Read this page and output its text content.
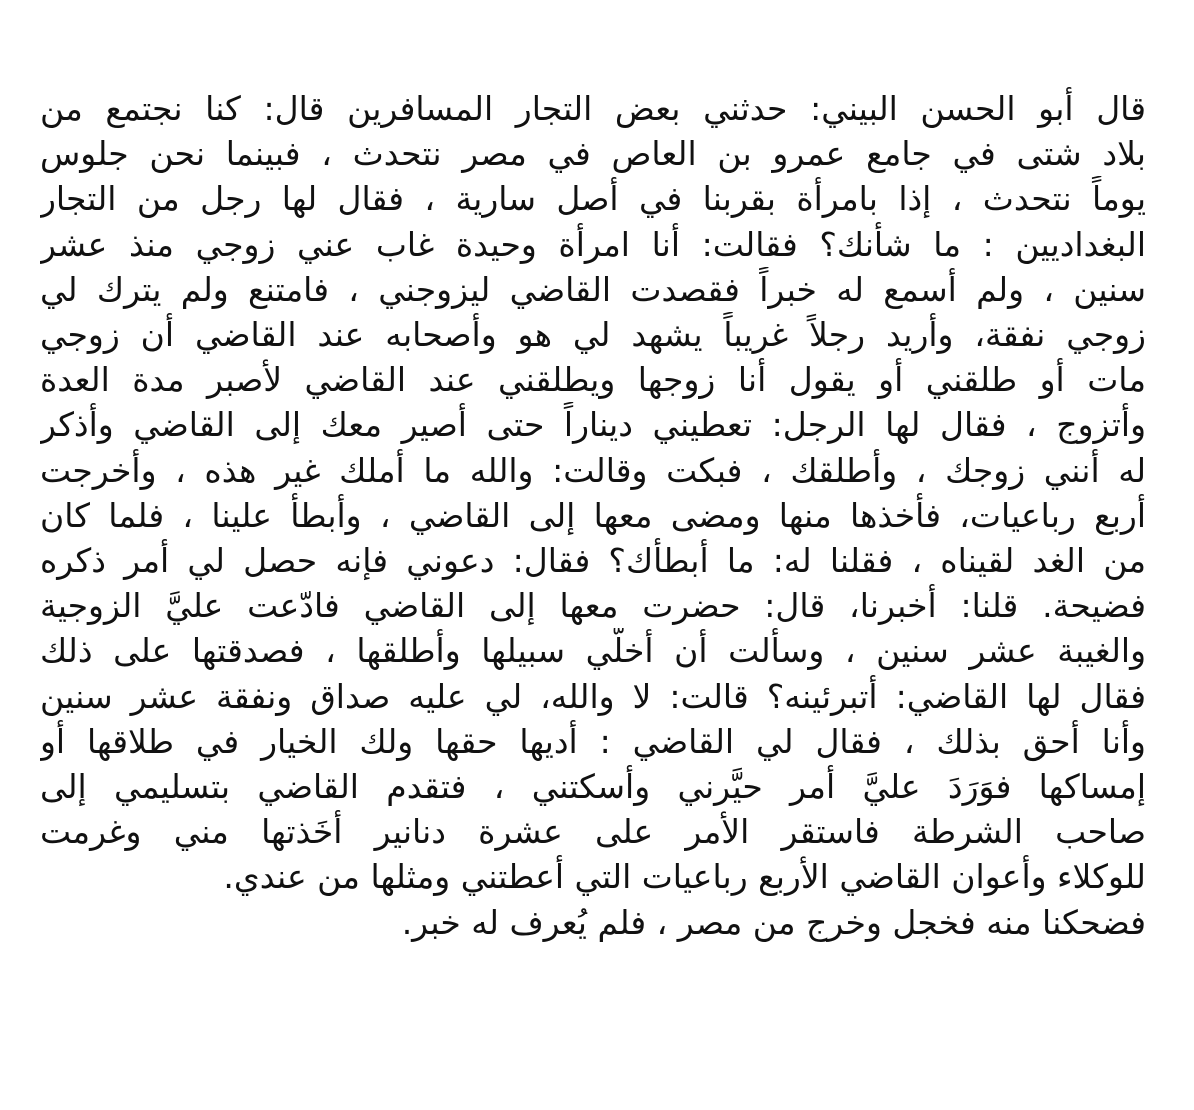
قال أبو الحسن البيني: حدثني بعض التجار المسافرين قال: كنا نجتمع من
بلاد شتى في جامع عمرو بن العاص في مصر نتحدث ، فبينما نحن جلوس
يوماً نتحدث ، إذا بامرأة بقربنا في أصل سارية ، فقال لها رجل من التجار
البغداديين : ما شأنك؟ فقالت: أنا امرأة وحيدة غاب عني زوجي منذ عشر
سنين ، ولم أسمع له خبراً فقصدت القاضي ليزوجني ، فامتنع ولم يترك لي
زوجي نفقة، وأريد رجلاً غريباً يشهد لي هو وأصحابه عند القاضي أن زوجي
مات أو طلقني أو يقول أنا زوجها ويطلقني عند القاضي لأصبر مدة العدة
وأتزوج ، فقال لها الرجل: تعطيني ديناراً حتى أصير معك إلى القاضي وأذكر
له أنني زوجك ، وأطلقك ، فبكت وقالت: والله ما أملك غير هذه ، وأخرجت
أربع رباعيات، فأخذها منها ومضى معها إلى القاضي ، وأبطأ علينا ، فلما كان
من الغد لقيناه ، فقلنا له: ما أبطأك؟ فقال: دعوني فإنه حصل لي أمر ذكره
فضيحة. قلنا: أخبرنا، قال: حضرت معها إلى القاضي فادّعت عليَّ الزوجية
والغيبة عشر سنين ، وسألت أن أخلّي سبيلها وأطلقها ، فصدقتها على ذلك
فقال لها القاضي: أتبرئينه؟ قالت: لا والله، لي عليه صداق ونفقة عشر سنين
وأنا أحق بذلك ، فقال لي القاضي : أديها حقها ولك الخيار في طلاقها أو
إمساكها فوَرَدَ عليَّ أمر حيَّرني وأسكتني ، فتقدم القاضي بتسليمي إلى
صاحب الشرطة فاستقر الأمر على عشرة دنانير أخَذتها مني وغرمت
للوكلاء وأعوان القاضي الأربع رباعيات التي أعطتني ومثلها من عندي.
فضحكنا منه فخجل وخرج من مصر ، فلم يُعرف له خبر.
